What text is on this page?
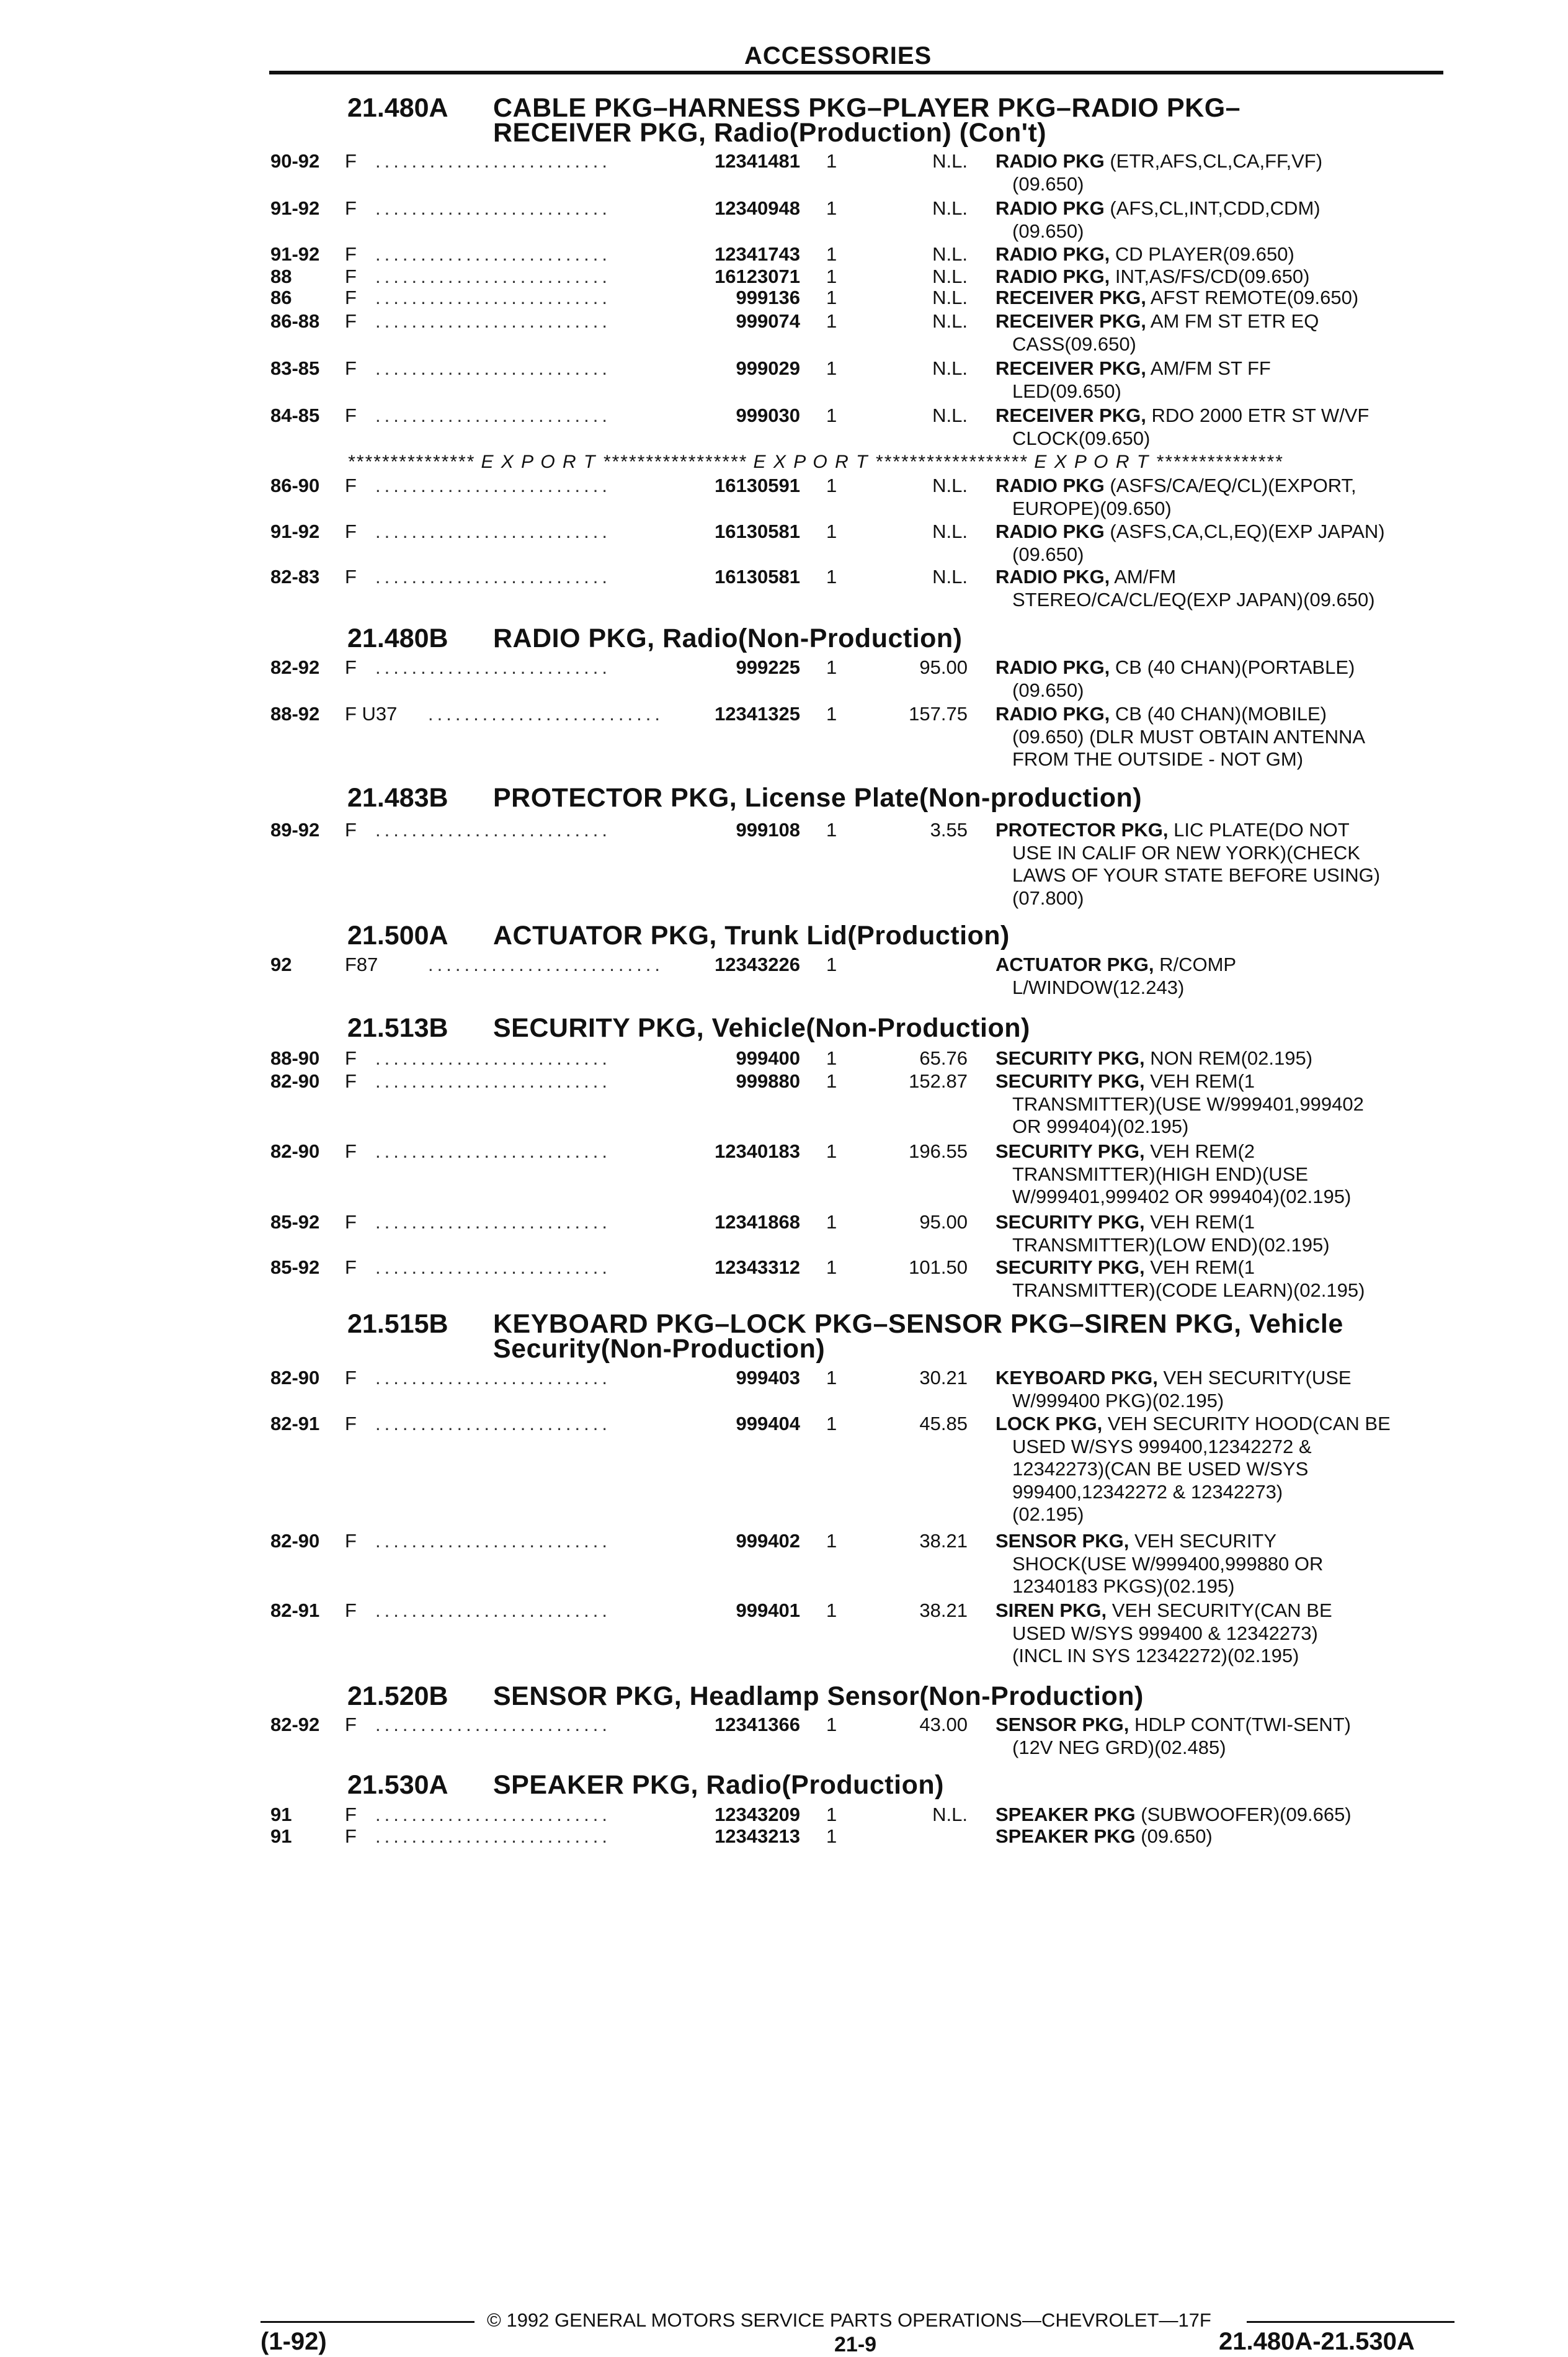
ACCESSORIES
21.480A CABLE PKG–HARNESS PKG–PLAYER PKG–RADIO PKG–
RECEIVER PKG, Radio(Production) (Con't)
21.480B RADIO PKG, Radio(Non-Production)
21.483B PROTECTOR PKG, License Plate(Non-production)
21.500A ACTUATOR PKG, Trunk Lid(Production)
21.513B SECURITY PKG, Vehicle(Non-Production)
21.515B KEYBOARD PKG–LOCK PKG–SENSOR PKG–SIREN PKG, Vehicle
Security(Non-Production)
21.520B SENSOR PKG, Headlamp Sensor(Non-Production)
21.530A SPEAKER PKG, Radio(Production)
90-92 F ..........................	12341481 1	N.L. RADIO PKG (ETR,AFS,CL,CA,FF,VF)
(09.650)
91-92 F ..........................	12340948 1	N.L. RADIO PKG (AFS,CL,INT,CDD,CDM)
(09.650)
91-92 F ..........................	12341743 1	N.L. RADIO PKG, CD PLAYER(09.650)
88	F ..........................	16123071 1	N.L. RADIO PKG, INT,AS/FS/CD(09.650)
86	F ..........................	999136 1	N.L. RECEIVER PKG, AFST REMOTE(09.650)
86-88 F ..........................	999074 1	N.L. RECEIVER PKG, AM FM ST ETR EQ
CASS(09.650)
83-85 F ..........................	999029 1	N.L. RECEIVER PKG, AM/FM ST FF
LED(09.650)
84-85 F ..........................	999030 1	N.L. RECEIVER PKG, RDO 2000 ETR ST W/VF
CLOCK(09.650)
86-90 F ..........................	16130591 1	N.L. RADIO PKG (ASFS/CA/EQ/CL)(EXPORT,
EUROPE)(09.650)
91-92 F ..........................	16130581 1	N.L. RADIO PKG (ASFS,CA,CL,EQ)(EXP JAPAN)
(09.650)
82-83 F ..........................	16130581 1	N.L. RADIO PKG, AM/FM
STEREO/CA/CL/EQ(EXP JAPAN)(09.650)
82-92 F ..........................	999225 1	95.00 RADIO PKG, CB (40 CHAN)(PORTABLE)
(09.650)
88-92 F U37 ..........................	12341325 1	157.75 RADIO PKG, CB (40 CHAN)(MOBILE)
(09.650) (DLR MUST OBTAIN ANTENNA
FROM THE OUTSIDE - NOT GM)
89-92 F ..........................	999108 1	3.55 PROTECTOR PKG, LIC PLATE(DO NOT
USE IN CALIF OR NEW YORK)(CHECK
LAWS OF YOUR STATE BEFORE USING)
(07.800)
92	F87	..........................	12343226 1	ACTUATOR PKG, R/COMP
L/WINDOW(12.243)
88-90 F ..........................	999400 1	65.76 SECURITY PKG, NON REM(02.195)
82-90 F ..........................	999880 1	152.87 SECURITY PKG, VEH REM(1
TRANSMITTER)(USE W/999401,999402
OR 999404)(02.195)
82-90 F ..........................	12340183 1	196.55 SECURITY PKG, VEH REM(2
TRANSMITTER)(HIGH END)(USE
W/999401,999402 OR 999404)(02.195)
85-92 F ..........................	12341868 1	95.00 SECURITY PKG, VEH REM(1
TRANSMITTER)(LOW END)(02.195)
85-92 F ..........................	12343312 1	101.50 SECURITY PKG, VEH REM(1
TRANSMITTER)(CODE LEARN)(02.195)
82-90 F ..........................	999403 1	30.21 KEYBOARD PKG, VEH SECURITY(USE
W/999400 PKG)(02.195)
82-91 F ..........................	999404 1	45.85 LOCK PKG, VEH SECURITY HOOD(CAN BE
USED W/SYS 999400,12342272 &
12342273)(CAN BE USED W/SYS
999400,12342272 & 12342273)
(02.195)
82-90 F ..........................	999402 1	38.21 SENSOR PKG, VEH SECURITY
SHOCK(USE W/999400,999880 OR
12340183 PKGS)(02.195)
82-91 F ..........................	999401 1	38.21 SIREN PKG, VEH SECURITY(CAN BE
USED W/SYS 999400 & 12342273)
(INCL IN SYS 12342272)(02.195)
82-92 F ..........................	12341366 1	43.00 SENSOR PKG, HDLP CONT(TWI-SENT)
(12V NEG GRD)(02.485)
91	F ..........................	12343209 1	N.L. SPEAKER PKG (SUBWOOFER)(09.665)
91	F ..........................	12343213 1	SPEAKER PKG (09.650)
*************** E X P O R T ***************** E X P O R T ****************** E X P O R T ***************
© 1992 GENERAL MOTORS SERVICE PARTS OPERATIONS—CHEVROLET—17F
(1-92)	21-9	21.480A-21.530A
